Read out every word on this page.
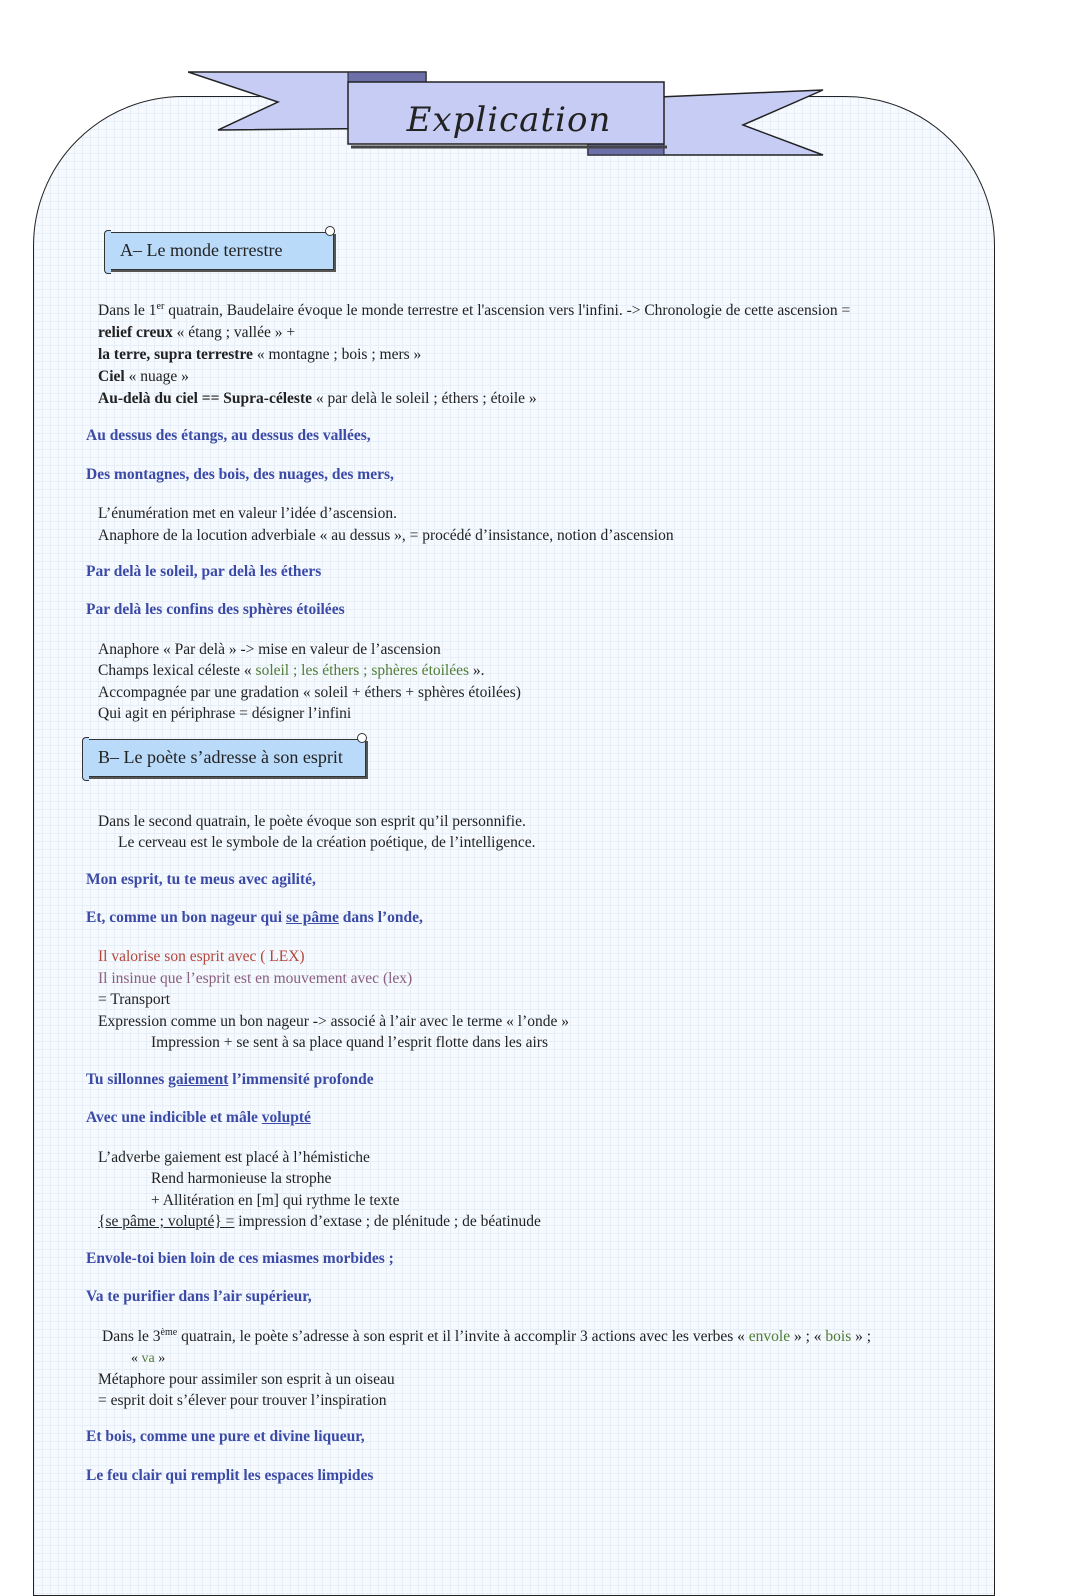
Explication
A– Le monde terrestre
Dans le 1er quatrain, Baudelaire évoque le monde terrestre et l'ascension vers l'infini. -> Chronologie de cette ascension =
relief creux « étang ; vallée » +
la terre, supra terrestre « montagne ; bois ; mers »
Ciel « nuage »
Au-delà du ciel == Supra-céleste « par delà le soleil ; éthers ; étoile »
Au dessus des étangs, au dessus des vallées,
Des montagnes, des bois, des nuages, des mers,
L’énumération met en valeur l’idée d’ascension.
Anaphore de la locution adverbiale « au dessus », = procédé d’insistance, notion d’ascension
Par delà le soleil, par delà les éthers
Par delà les confins des sphères étoilées
Anaphore « Par delà » -> mise en valeur de l’ascension
Champs lexical céleste « soleil ; les éthers ; sphères étoilées ».
Accompagnée par une gradation « soleil + éthers + sphères étoilées)
Qui agit en périphrase = désigner l’infini
B– Le poète s’adresse à son esprit
Dans le second quatrain, le poète évoque son esprit qu’il personnifie.
Le cerveau est le symbole de la création poétique, de l’intelligence.
Mon esprit, tu te meus avec agilité,
Et, comme un bon nageur qui se pâme dans l’onde,
Il valorise son esprit avec ( LEX)
Il insinue que l’esprit est en mouvement avec (lex)
= Transport
Expression comme un bon nageur -> associé à l’air avec le terme « l’onde »
Impression + se sent à sa place quand l’esprit flotte dans les airs
Tu sillonnes gaiement l’immensité profonde
Avec une indicible et mâle volupté
L’adverbe gaiement est placé à l’hémistiche
Rend harmonieuse la strophe
+ Allitération en [m] qui rythme le texte
{se pâme ; volupté} = impression d’extase ; de plénitude ; de béatinude
Envole-toi bien loin de ces miasmes morbides ;
Va te purifier dans l’air supérieur,
Dans le 3ème quatrain, le poète s’adresse à son esprit et il l’invite à accomplir 3 actions avec les verbes « envole » ; « bois » ;
« va »
Métaphore pour assimiler son esprit à un oiseau
= esprit doit s’élever pour trouver l’inspiration
Et bois, comme une pure et divine liqueur,
Le feu clair qui remplit les espaces limpides
